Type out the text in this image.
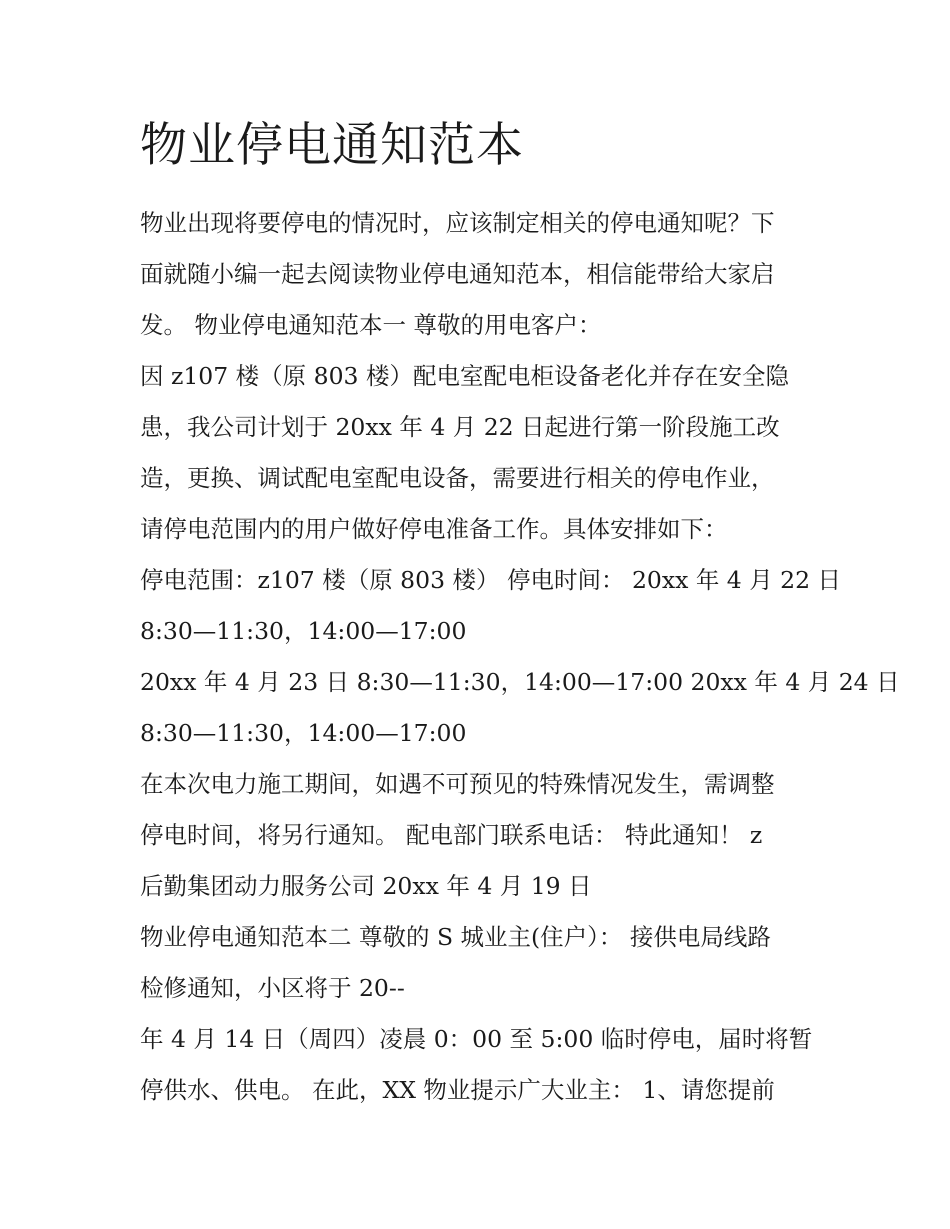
物业停电通知范本
物业出现将要停电的情况时，应该制定相关的停电通知呢？下
面就随小编一起去阅读物业停电通知范本，相信能带给大家启
发。 物业停电通知范本一 尊敬的用电客户：
因 z107 楼（原 803 楼）配电室配电柜设备老化并存在安全隐
患，我公司计划于 20xx 年 4 月 22 日起进行第一阶段施工改
造，更换、调试配电室配电设备，需要进行相关的停电作业，
请停电范围内的用户做好停电准备工作。具体安排如下：
停电范围：z107 楼（原 803 楼） 停电时间： 20xx 年 4 月 22 日
8:30—11:30，14:00—17:00
20xx 年 4 月 23 日 8:30—11:30，14:00—17:00 20xx 年 4 月 24 日
8:30—11:30，14:00—17:00
在本次电力施工期间，如遇不可预见的特殊情况发生，需调整
停电时间，将另行通知。 配电部门联系电话： 特此通知！ z
后勤集团动力服务公司 20xx 年 4 月 19 日
物业停电通知范本二 尊敬的 S 城业主(住户）： 接供电局线路
检修通知，小区将于 20--
年 4 月 14 日（周四）凌晨 0：00 至 5:00 临时停电，届时将暂
停供水、供电。 在此，XX 物业提示广大业主： 1、请您提前
